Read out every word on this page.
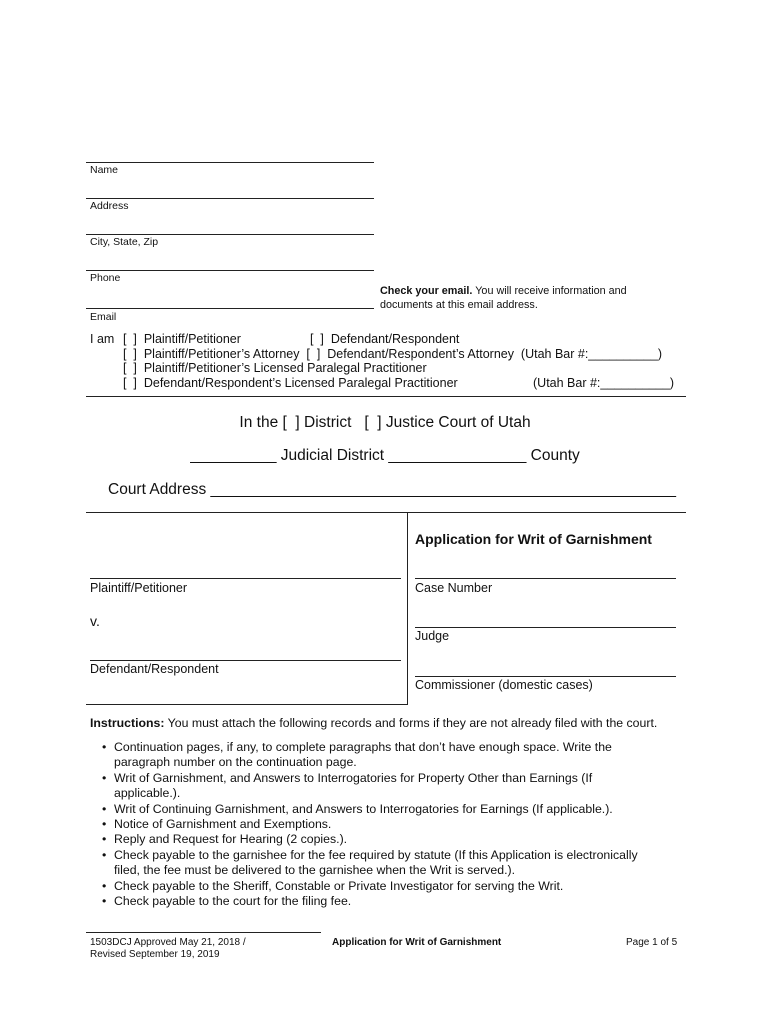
Name
Address
City, State, Zip
Phone
Email
Check your email. You will receive information and
documents at this email address.
I am [  ]  Plaintiff/Petitioner	[  ]  Defendant/Respondent
[  ]  Plaintiff/Petitioner’s Attorney  [  ]  Defendant/Respondent’s Attorney  (Utah Bar #:__________)
[  ]  Plaintiff/Petitioner’s Licensed Paralegal Practitioner
[  ]  Defendant/Respondent’s Licensed Paralegal Practitioner	(Utah Bar #:__________)
In the [  ] District   [  ] Justice Court of Utah
__________ Judicial District ________________ County
Court Address ______________________________________________________
Application for Writ of Garnishment
Plaintiff/Petitioner
v.
Defendant/Respondent
Case Number
Judge
Commissioner (domestic cases)
Instructions: You must attach the following records and forms if they are not already filed with the court.
• Continuation pages, if any, to complete paragraphs that don’t have enough space. Write the paragraph number on the continuation page.
• Writ of Garnishment, and Answers to Interrogatories for Property Other than Earnings (If applicable.).
• Writ of Continuing Garnishment, and Answers to Interrogatories for Earnings (If applicable.).
• Notice of Garnishment and Exemptions.
• Reply and Request for Hearing (2 copies.).
• Check payable to the garnishee for the fee required by statute (If this Application is electronically filed, the fee must be delivered to the garnishee when the Writ is served.).
• Check payable to the Sheriff, Constable or Private Investigator for serving the Writ.
• Check payable to the court for the filing fee.
1503DCJ Approved May 21, 2018 /
Revised September 19, 2019
Application for Writ of Garnishment	Page 1 of 5
